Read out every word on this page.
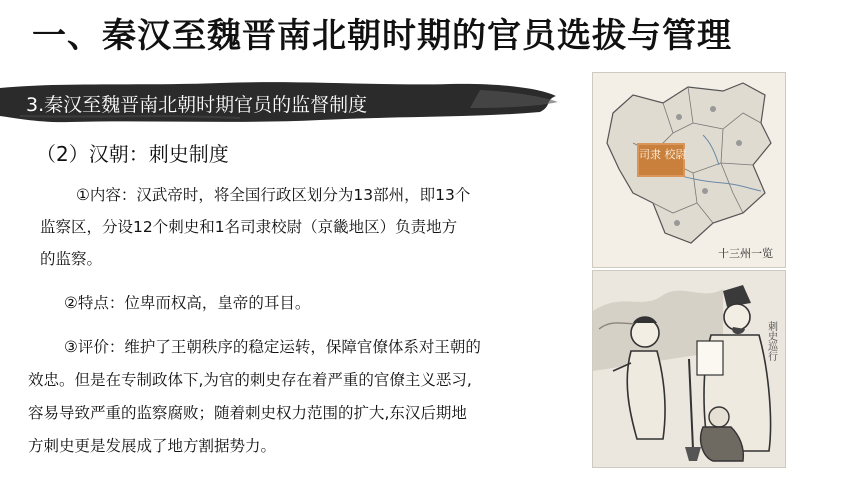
一、秦汉至魏晋南北朝时期的官员选拔与管理
3.秦汉至魏晋南北朝时期官员的监督制度
（2）汉朝：刺史制度
①内容：汉武帝时，将全国行政区划分为13部州，即13个
监察区，分设12个刺史和1名司隶校尉（京畿地区）负责地方
的监察。
②特点：位卑而权高，皇帝的耳目。
③评价：维护了王朝秩序的稳定运转，保障官僚体系对王朝的
效忠。但是在专制政体下,为官的刺史存在着严重的官僚主义恶习,
容易导致严重的监察腐败；随着刺史权力范围的扩大,东汉后期地
方刺史更是发展成了地方割据势力。
司隶 校尉
十三州一览
刺史巡行
